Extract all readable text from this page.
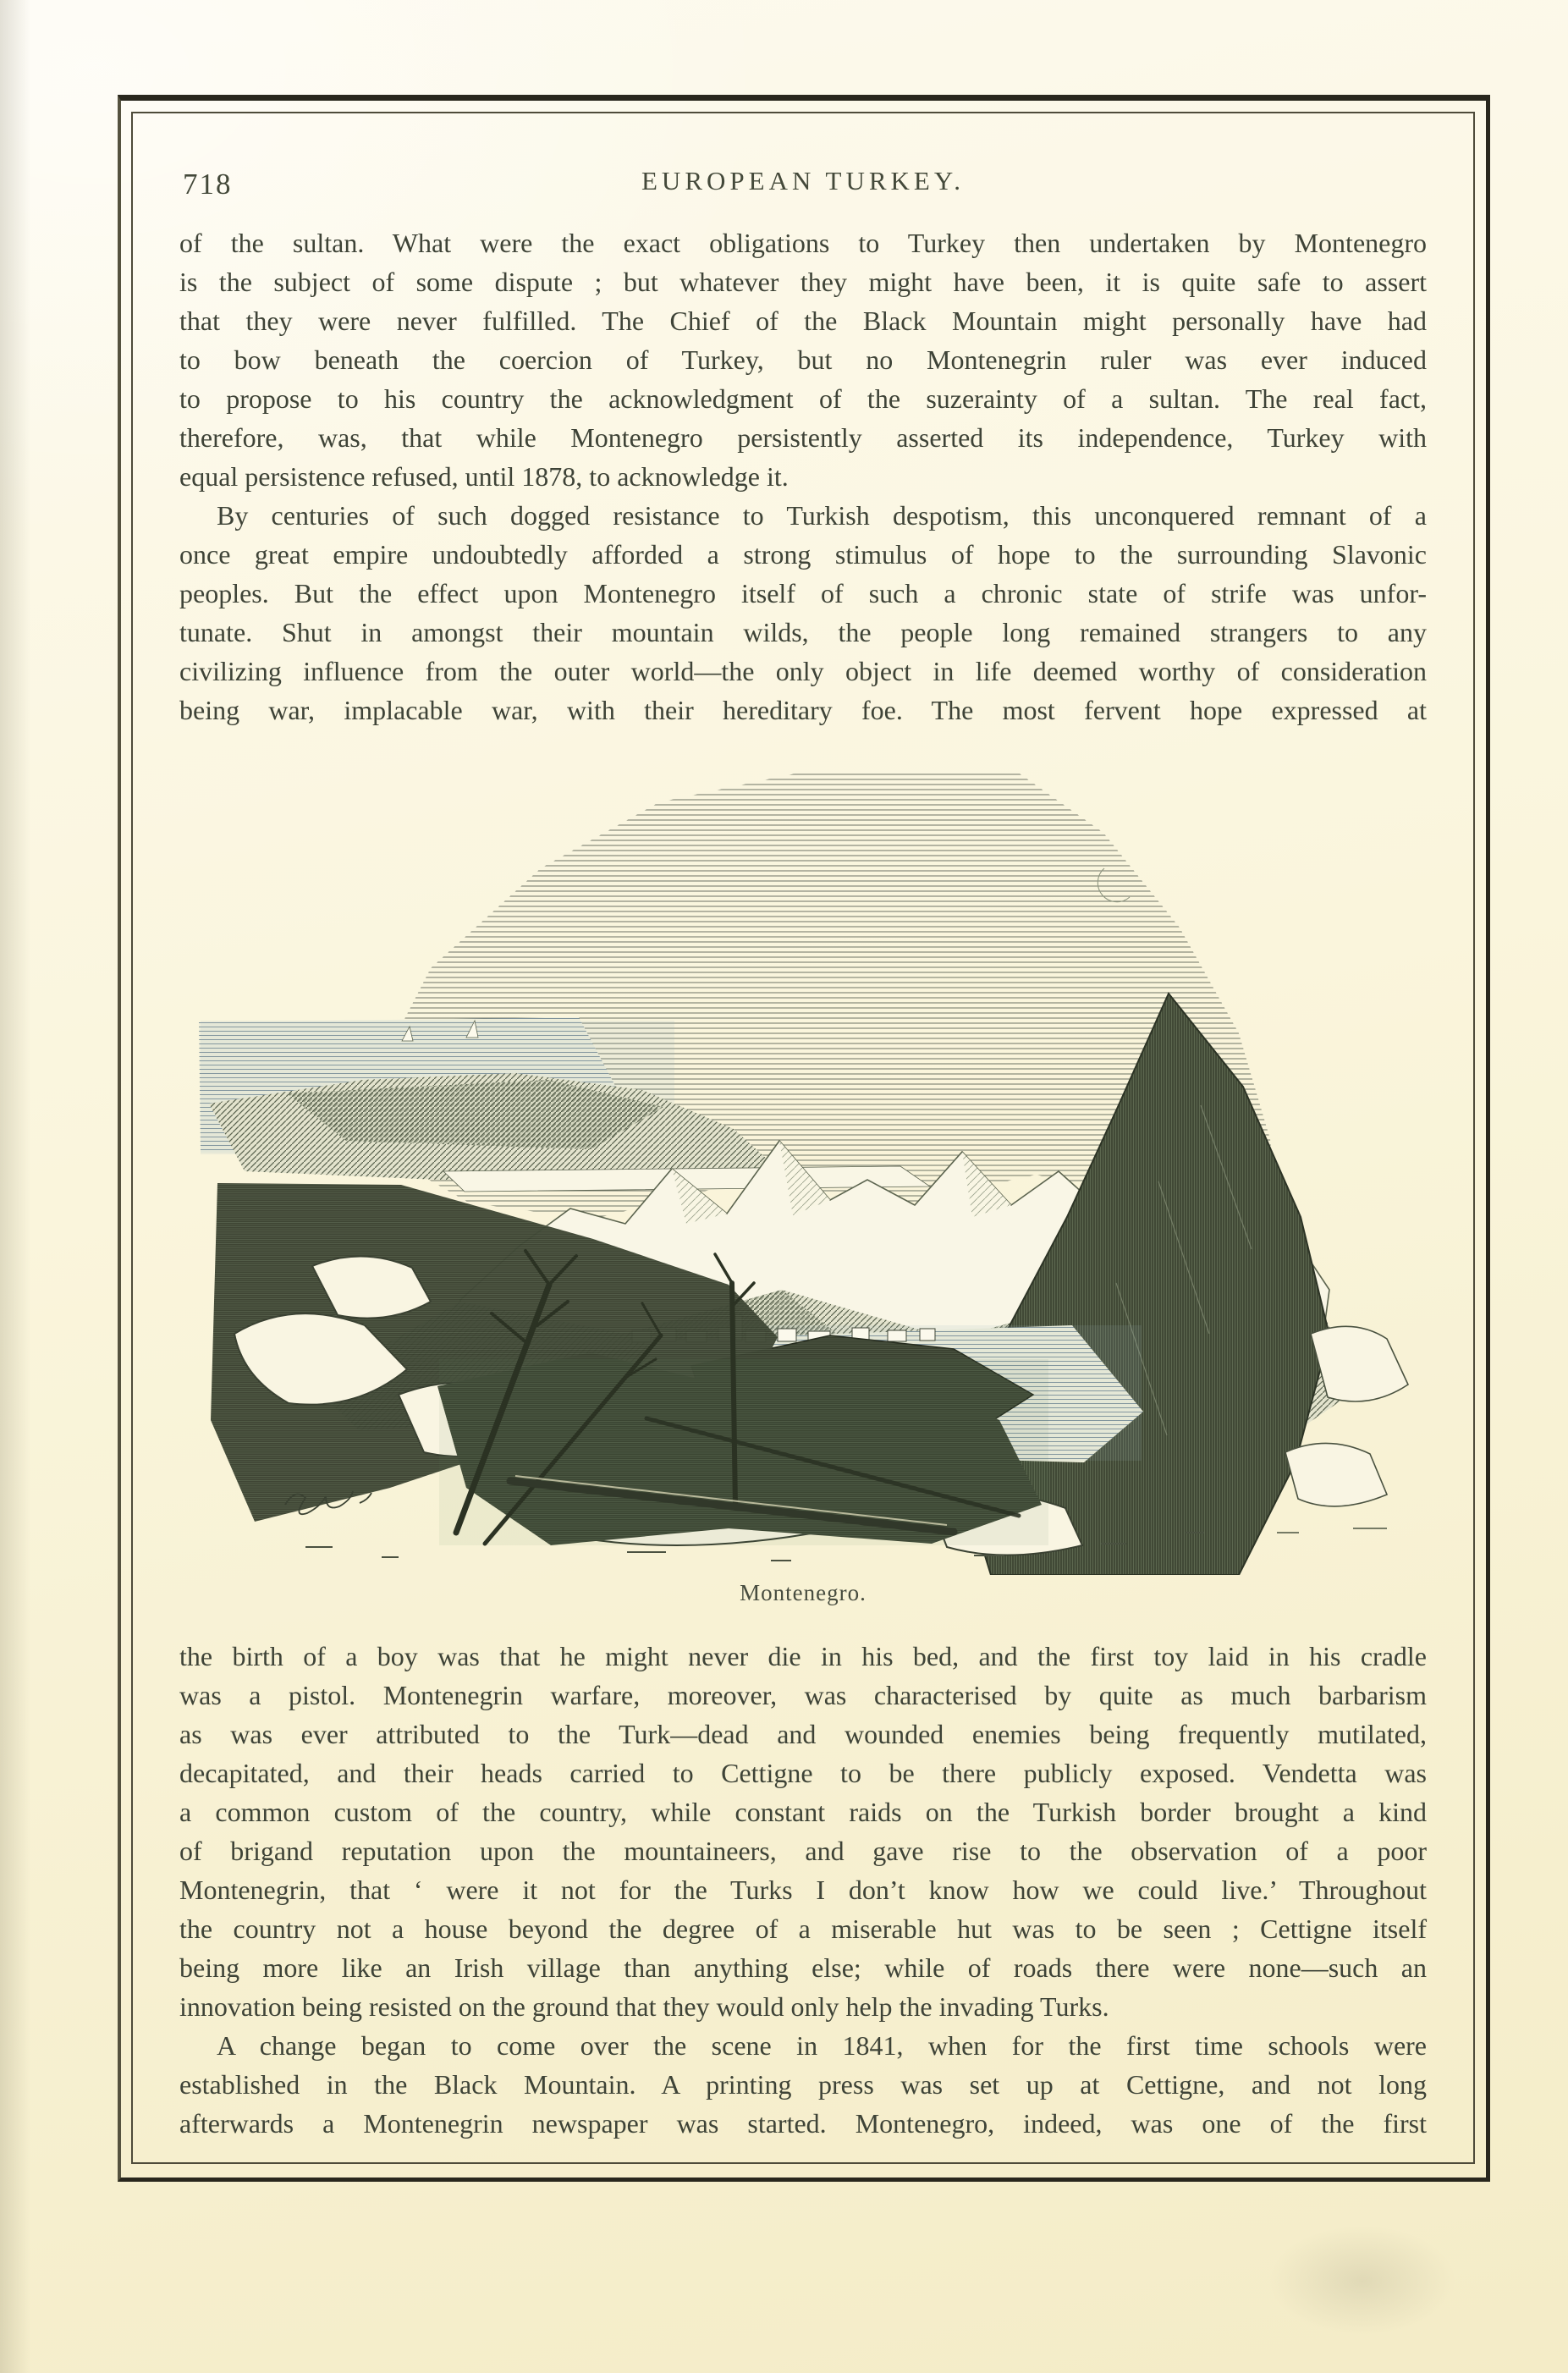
718	EUROPEAN TURKEY.
of the sultan. What were the exact obligations to Turkey then undertaken by Montenegro
is the subject of some dispute ; but whatever they might have been, it is quite safe to assert
that they were never fulfilled. The Chief of the Black Mountain might personally have had
to bow beneath the coercion of Turkey, but no Montenegrin ruler was ever induced
to propose to his country the acknowledgment of the suzerainty of a sultan. The real fact,
therefore, was, that while Montenegro persistently asserted its independence, Turkey with
equal persistence refused, until 1878, to acknowledge it.
By centuries of such dogged resistance to Turkish despotism, this unconquered remnant of a
once great empire undoubtedly afforded a strong stimulus of hope to the surrounding Slavonic
peoples. But the effect upon Montenegro itself of such a chronic state of strife was unfor-
tunate. Shut in amongst their mountain wilds, the people long remained strangers to any
civilizing influence from the outer world—the only object in life deemed worthy of consideration
being war, implacable war, with their hereditary foe. The most fervent hope expressed at
Montenegro.
the birth of a boy was that he might never die in his bed, and the first toy laid in his cradle
was a pistol. Montenegrin warfare, moreover, was characterised by quite as much barbarism
as was ever attributed to the Turk—dead and wounded enemies being frequently mutilated,
decapitated, and their heads carried to Cettigne to be there publicly exposed. Vendetta was
a common custom of the country, while constant raids on the Turkish border brought a kind
of brigand reputation upon the mountaineers, and gave rise to the observation of a poor
Montenegrin, that ‘ were it not for the Turks I don’t know how we could live.’ Throughout
the country not a house beyond the degree of a miserable hut was to be seen ; Cettigne itself
being more like an Irish village than anything else; while of roads there were none—such an
innovation being resisted on the ground that they would only help the invading Turks.
A change began to come over the scene in 1841, when for the first time schools were
established in the Black Mountain. A printing press was set up at Cettigne, and not long
afterwards a Montenegrin newspaper was started. Montenegro, indeed, was one of the first
